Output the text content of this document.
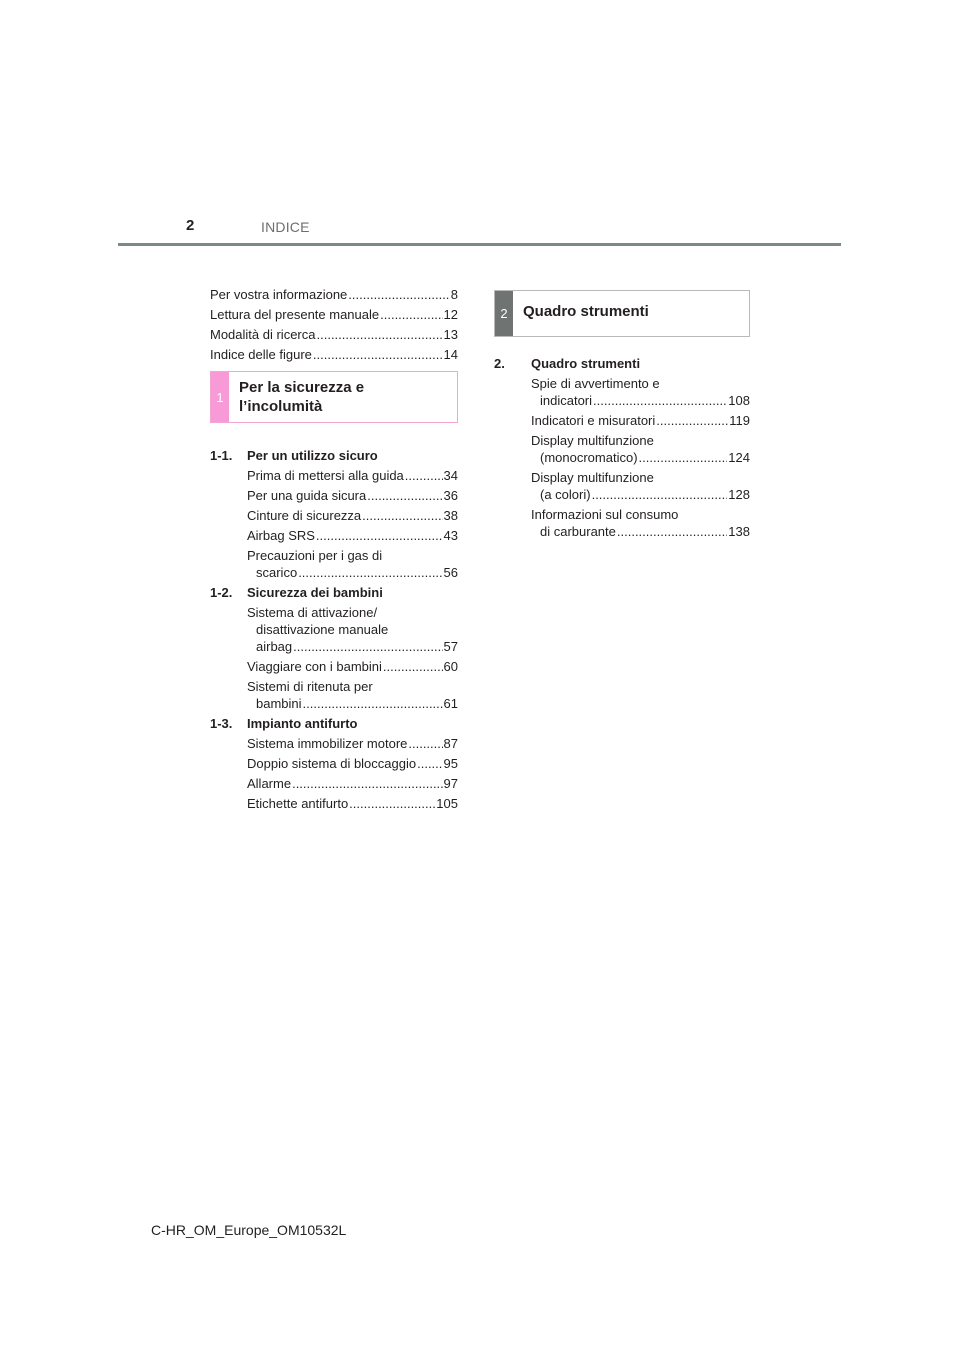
2	INDICE
Per vostra informazione .....	8
Lettura del presente manuale .....	12
Modalità di ricerca .....	13
Indice delle figure .....	14
1
Per la sicurezza e l’incolumità
1-1.	Per un utilizzo sicuro
Prima di mettersi alla guida .....	34
Per una guida sicura .....	36
Cinture di sicurezza .....	38
Airbag SRS .....	43
Precauzioni per i gas di
scarico .....	56
1-2.	Sicurezza dei bambini
Sistema di attivazione/
disattivazione manuale
airbag .....	57
Viaggiare con i bambini .....	60
Sistemi di ritenuta per
bambini .....	61
1-3.	Impianto antifurto
Sistema immobilizer motore .....	87
Doppio sistema di bloccaggio ..... 95
Allarme .....	97
Etichette antifurto .....	105
2	Quadro strumenti
2.	Quadro strumenti
Spie di avvertimento e
indicatori .....	108
Indicatori e misuratori .....	119
Display multifunzione
(monocromatico) .....	124
Display multifunzione
(a colori) .....	128
Informazioni sul consumo
di carburante .....	138
C-HR_OM_Europe_OM10532L
